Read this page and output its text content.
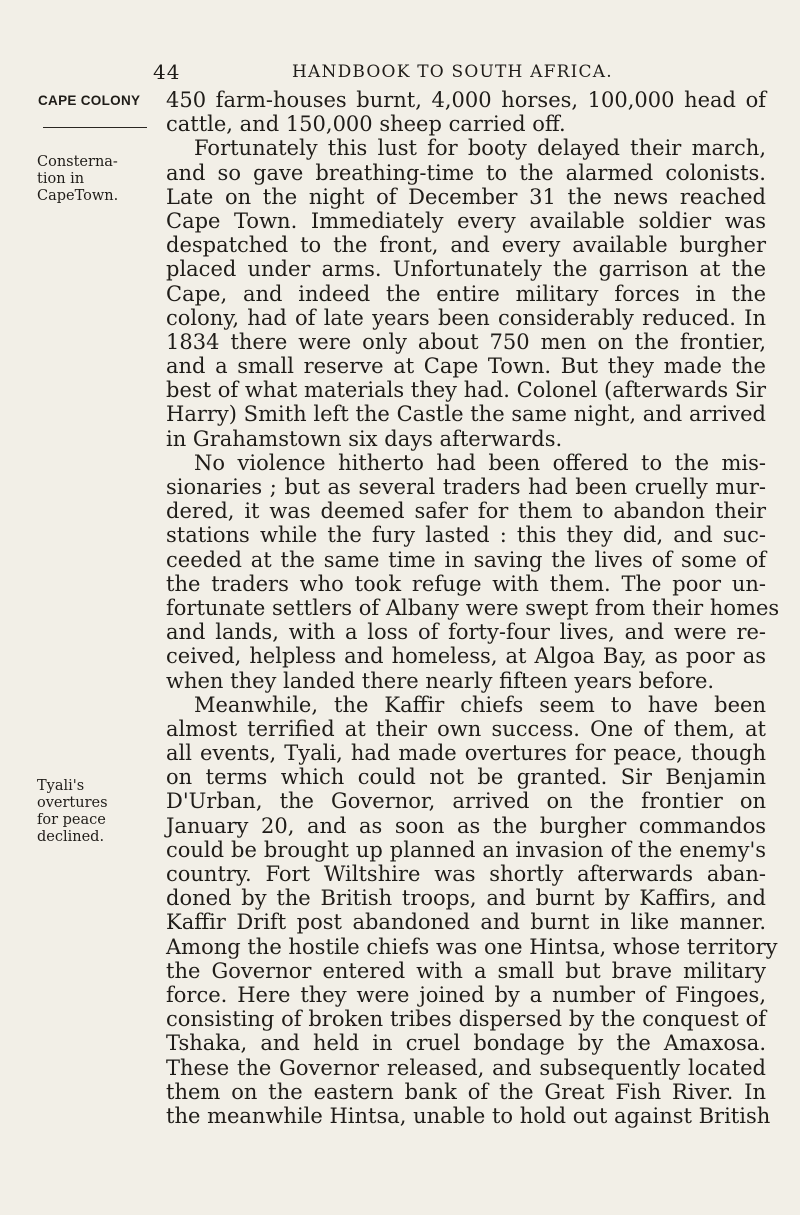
44	HANDBOOK TO SOUTH AFRICA.
CAPE COLONY
Consterna-
tion in
CapeTown.
Tyali's
overtures
for peace
declined.
450 farm-houses burnt, 4,000 horses, 100,000 head of
cattle, and 150,000 sheep carried off.
Fortunately this lust for booty delayed their march,
and so gave breathing-time to the alarmed colonists.
Late on the night of December 31 the news reached
Cape Town. Immediately every available soldier was
despatched to the front, and every available burgher
placed under arms. Unfortunately the garrison at the
Cape, and indeed the entire military forces in the
colony, had of late years been considerably reduced. In
1834 there were only about 750 men on the frontier,
and a small reserve at Cape Town. But they made the
best of what materials they had. Colonel (afterwards Sir
Harry) Smith left the Castle the same night, and arrived
in Grahamstown six days afterwards.
No violence hitherto had been offered to the mis-
sionaries ; but as several traders had been cruelly mur-
dered, it was deemed safer for them to abandon their
stations while the fury lasted : this they did, and suc-
ceeded at the same time in saving the lives of some of
the traders who took refuge with them. The poor un-
fortunate settlers of Albany were swept from their homes
and lands, with a loss of forty-four lives, and were re-
ceived, helpless and homeless, at Algoa Bay, as poor as
when they landed there nearly fifteen years before.
Meanwhile, the Kaffir chiefs seem to have been
almost terrified at their own success. One of them, at
all events, Tyali, had made overtures for peace, though
on terms which could not be granted. Sir Benjamin
D'Urban, the Governor, arrived on the frontier on
January 20, and as soon as the burgher commandos
could be brought up planned an invasion of the enemy's
country. Fort Wiltshire was shortly afterwards aban-
doned by the British troops, and burnt by Kaffirs, and
Kaffir Drift post abandoned and burnt in like manner.
Among the hostile chiefs was one Hintsa, whose territory
the Governor entered with a small but brave military
force. Here they were joined by a number of Fingoes,
consisting of broken tribes dispersed by the conquest of
Tshaka, and held in cruel bondage by the Amaxosa.
These the Governor released, and subsequently located
them on the eastern bank of the Great Fish River. In
the meanwhile Hintsa, unable to hold out against British
